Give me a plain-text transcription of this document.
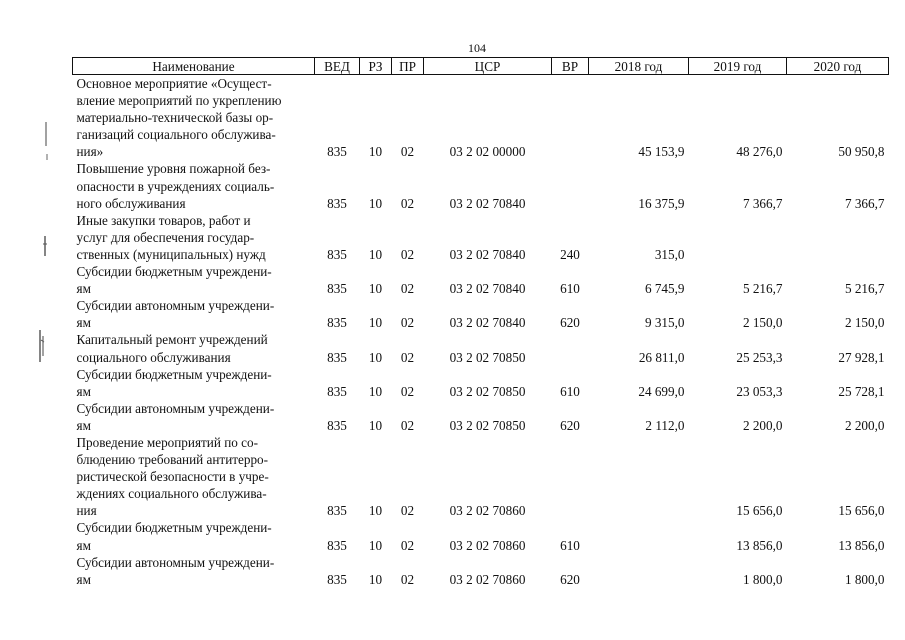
104
Наименование	ВЕД	РЗ	ПР	ЦСР	ВР	2018 год	2019 год	2020 год

Основное мероприятие «Осущест-
вление мероприятий по укреплению
материально-технической базы ор-
ганизаций социального обслужива-
ния»	835	10	02	03 2 02 00000		45 153,9	48 276,0	50 950,8

Повышение уровня пожарной без-
опасности в учреждениях социаль-
ного обслуживания	835	10	02	03 2 02 70840		16 375,9	7 366,7	7 366,7

Иные закупки товаров, работ и
услуг для обеспечения государ-
ственных (муниципальных) нужд	835	10	02	03 2 02 70840	240	315,0		

Субсидии бюджетным учреждени-
ям	835	10	02	03 2 02 70840	610	6 745,9	5 216,7	5 216,7

Субсидии автономным учреждени-
ям	835	10	02	03 2 02 70840	620	9 315,0	2 150,0	2 150,0

Капитальный ремонт учреждений
социального обслуживания	835	10	02	03 2 02 70850		26 811,0	25 253,3	27 928,1

Субсидии бюджетным учреждени-
ям	835	10	02	03 2 02 70850	610	24 699,0	23 053,3	25 728,1

Субсидии автономным учреждени-
ям	835	10	02	03 2 02 70850	620	2 112,0	2 200,0	2 200,0

Проведение мероприятий по со-
блюдению требований антитерро-
ристической безопасности в учре-
ждениях социального обслужива-
ния	835	10	02	03 2 02 70860			15 656,0	15 656,0

Субсидии бюджетным учреждени-
ям	835	10	02	03 2 02 70860	610		13 856,0	13 856,0

Субсидии автономным учреждени-
ям	835	10	02	03 2 02 70860	620		1 800,0	1 800,0
